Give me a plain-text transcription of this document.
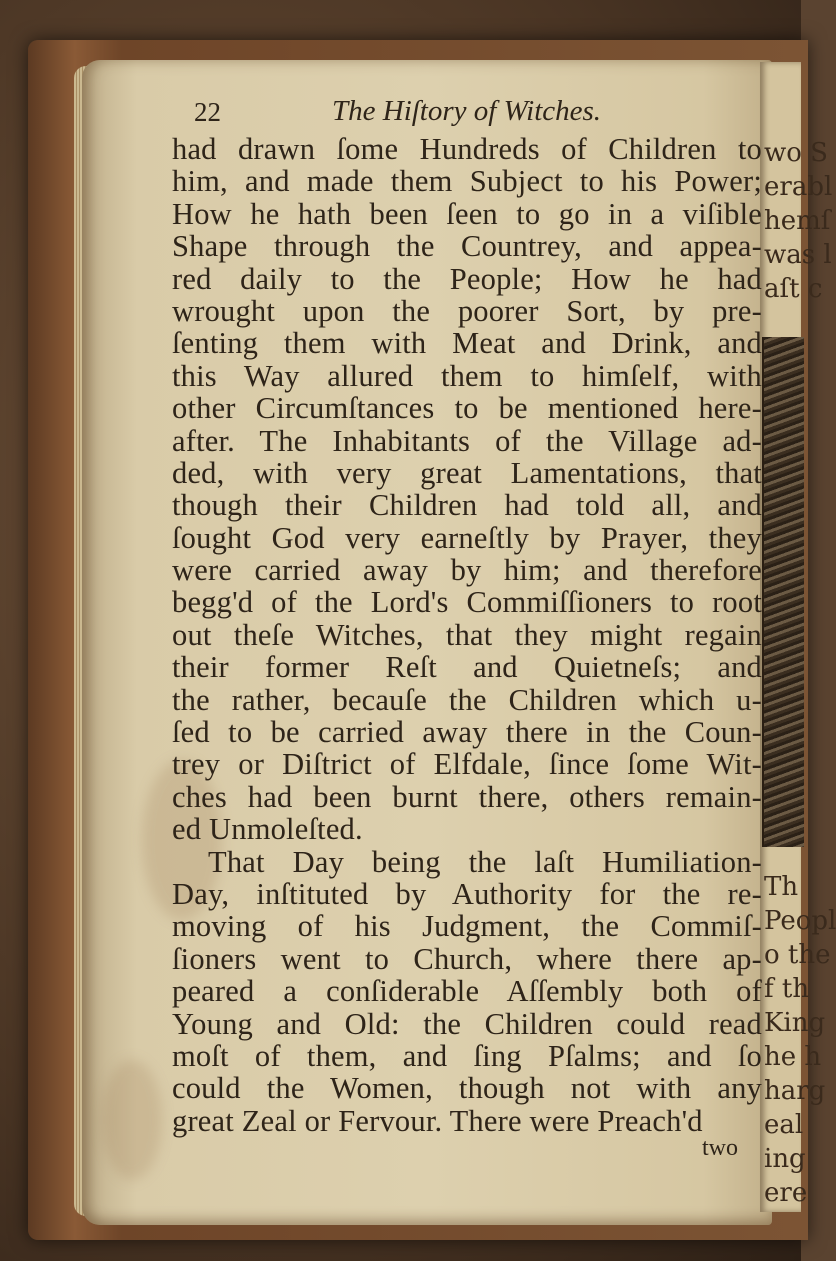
wo S
erabl
hemſ
was l
aſt c
Th
Peopl
o the
f th
King
he h
harg
eal
ing
ere
22	The Hiſtory of Witches.
had drawn ſome Hundreds of Children to
him, and made them Subject to his Power;
How he hath been ſeen to go in a viſible
Shape through the Countrey, and appea-
red daily to the People; How he had
wrought upon the poorer Sort, by pre-
ſenting them with Meat and Drink, and
this Way allured them to himſelf, with
other Circumſtances to be mentioned here-
after. The Inhabitants of the Village ad-
ded, with very great Lamentations, that
though their Children had told all, and
ſought God very earneſtly by Prayer, they
were carried away by him; and therefore
begg'd of the Lord's Commiſſioners to root
out theſe Witches, that they might regain
their former Reſt and Quietneſs; and
the rather, becauſe the Children which u-
ſed to be carried away there in the Coun-
trey or Diſtrict of Elfdale, ſince ſome Wit-
ches had been burnt there, others remain-
ed Unmoleſted.
That Day being the laſt Humiliation-
Day, inſtituted by Authority for the re-
moving of his Judgment, the Commiſ-
ſioners went to Church, where there ap-
peared a conſiderable Aſſembly both of
Young and Old: the Children could read
moſt of them, and ſing Pſalms; and ſo
could the Women, though not with any
great Zeal or Fervour. There were Preach'd
two
